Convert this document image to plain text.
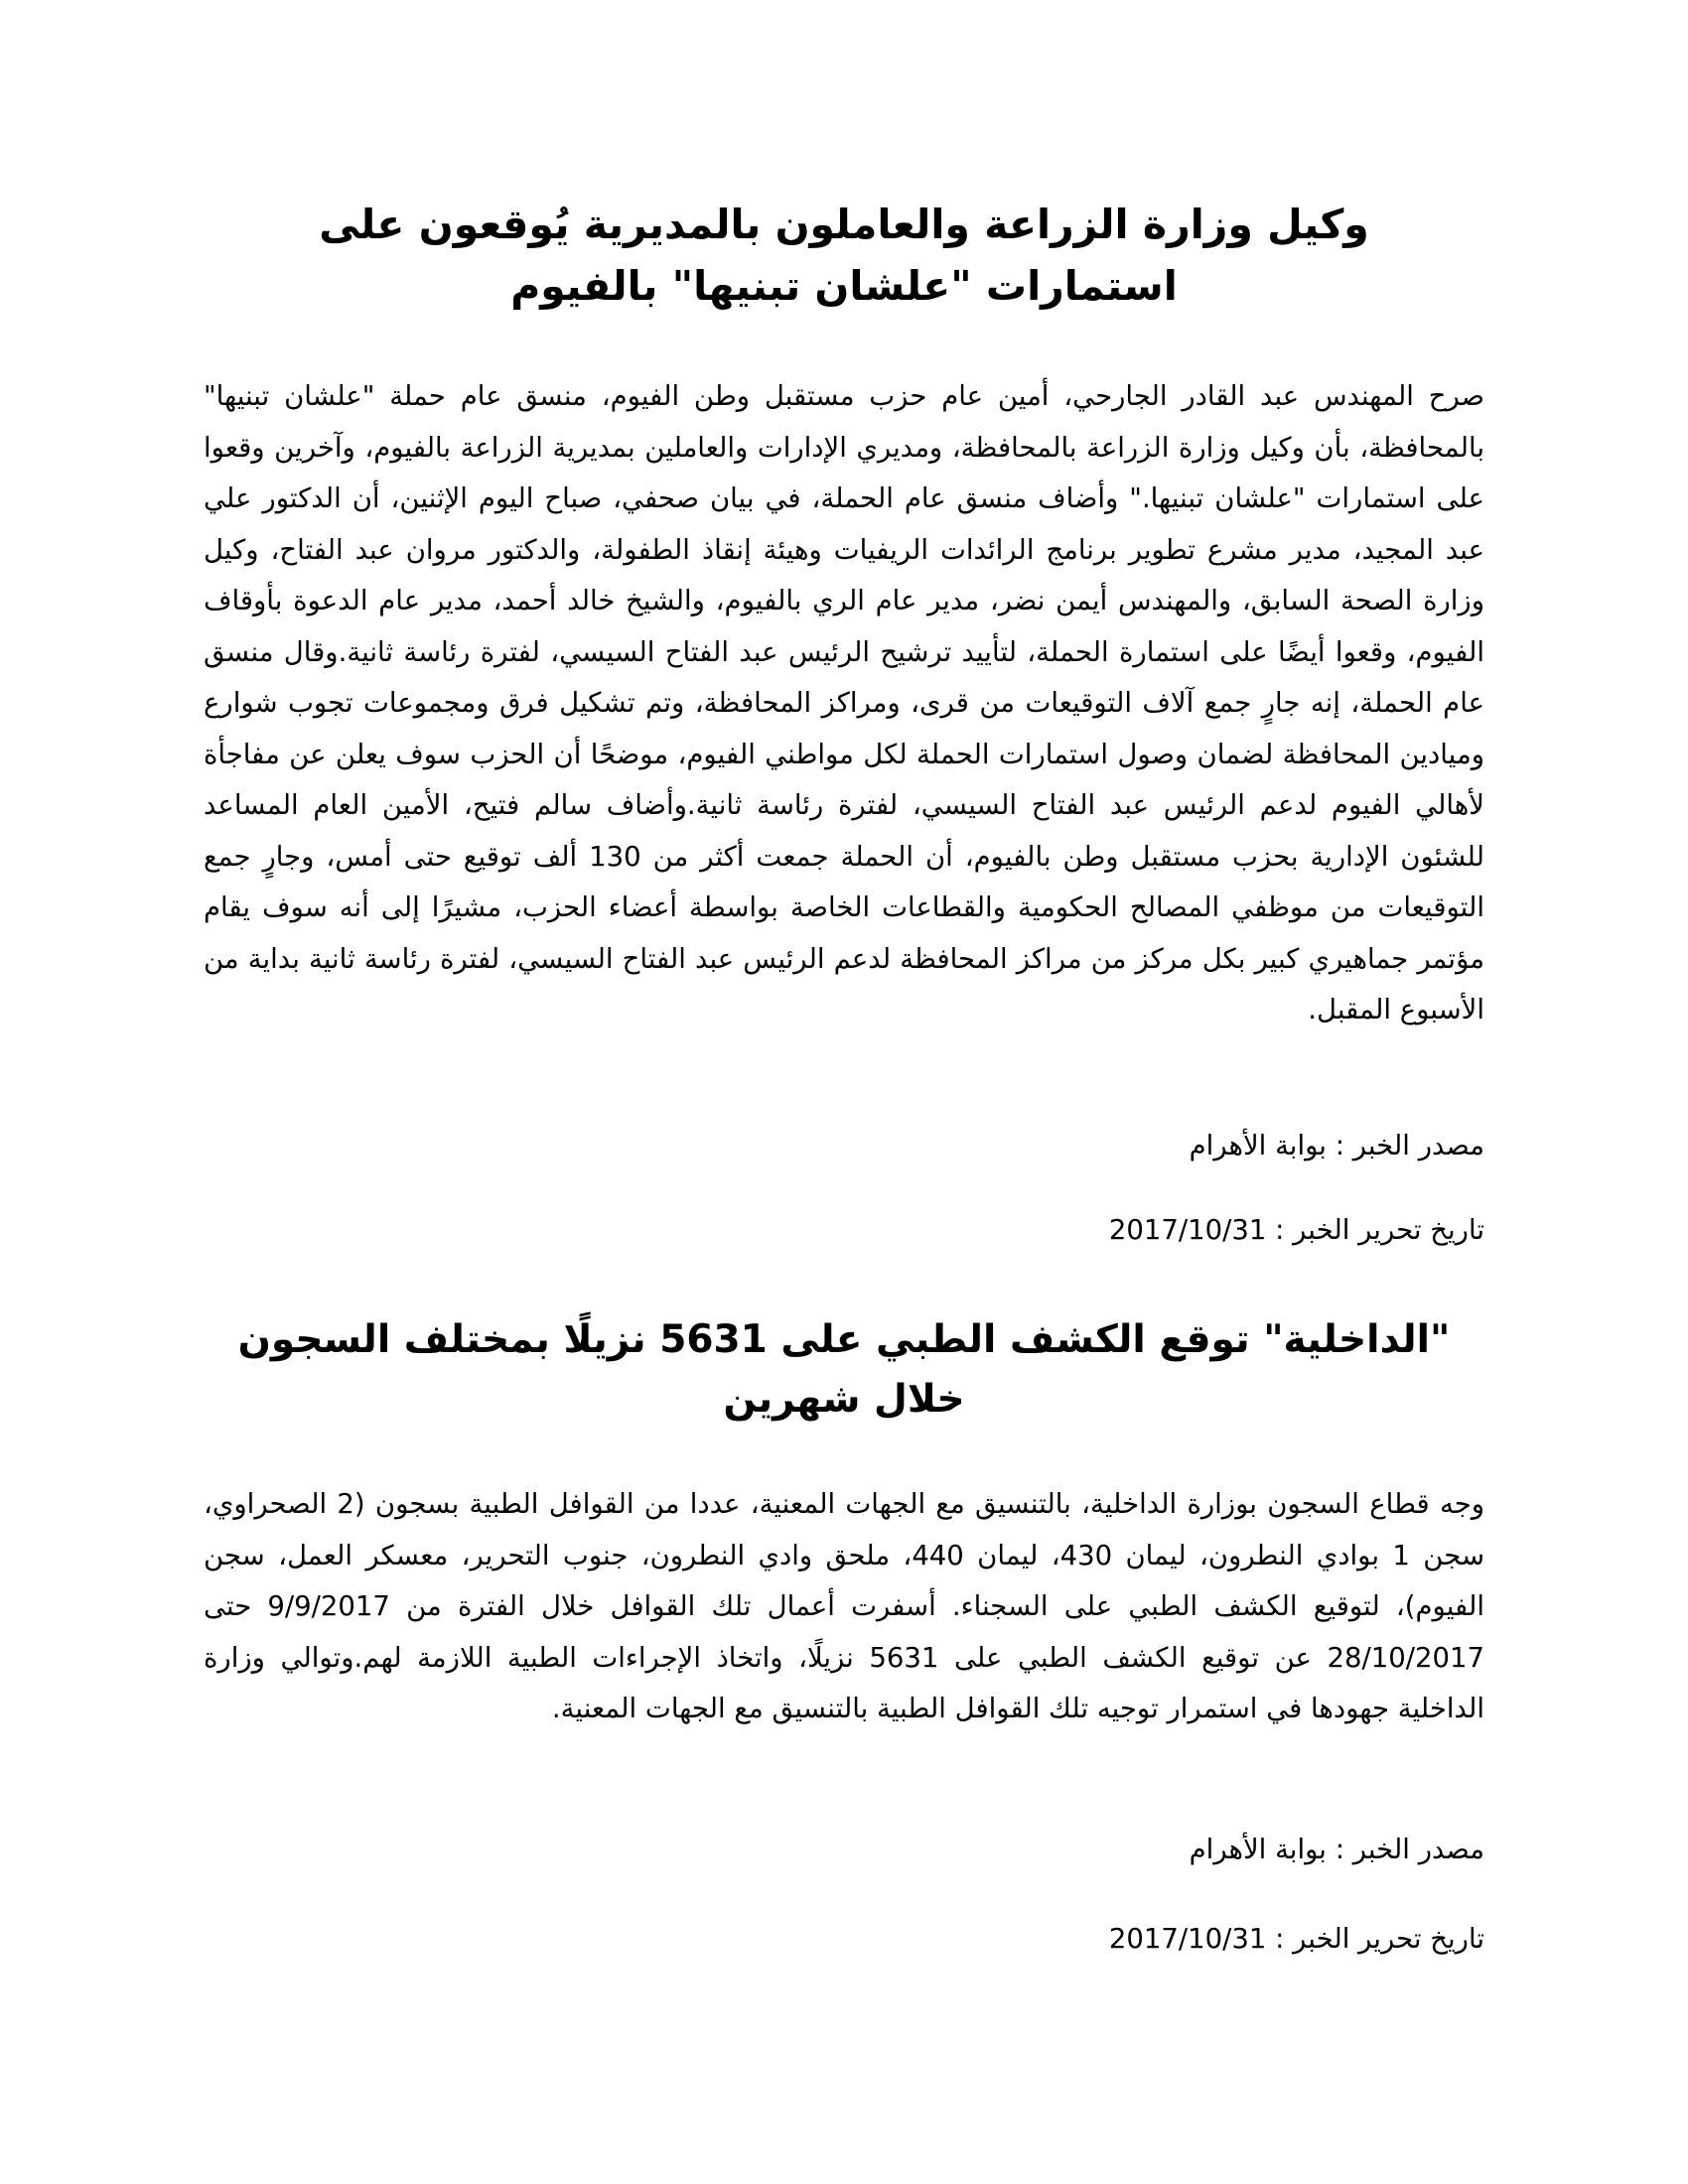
وكيل وزارة الزراعة والعاملون بالمديرية يُوقعون على استمارات "علشان تبنيها" بالفيوم

صرح المهندس عبد القادر الجارحي، أمين عام حزب مستقبل وطن الفيوم، منسق عام حملة "علشان تبنيها" بالمحافظة، بأن وكيل وزارة الزراعة بالمحافظة، ومديري الإدارات والعاملين بمديرية الزراعة بالفيوم، وآخرين وقعوا على استمارات "علشان تبنيها." وأضاف منسق عام الحملة، في بيان صحفي، صباح اليوم الإثنين، أن الدكتور علي عبد المجيد، مدير مشرع تطوير برنامج الرائدات الريفيات وهيئة إنقاذ الطفولة، والدكتور مروان عبد الفتاح، وكيل وزارة الصحة السابق، والمهندس أيمن نضر، مدير عام الري بالفيوم، والشيخ خالد أحمد، مدير عام الدعوة بأوقاف الفيوم، وقعوا أيضًا على استمارة الحملة، لتأييد ترشيح الرئيس عبد الفتاح السيسي، لفترة رئاسة ثانية.وقال منسق عام الحملة، إنه جارٍ جمع آلاف التوقيعات من قرى، ومراكز المحافظة، وتم تشكيل فرق ومجموعات تجوب شوارع وميادين المحافظة لضمان وصول استمارات الحملة لكل مواطني الفيوم، موضحًا أن الحزب سوف يعلن عن مفاجأة لأهالي الفيوم لدعم الرئيس عبد الفتاح السيسي، لفترة رئاسة ثانية.وأضاف سالم فتيح، الأمين العام المساعد للشئون الإدارية بحزب مستقبل وطن بالفيوم، أن الحملة جمعت أكثر من 130 ألف توقيع حتى أمس، وجارٍ جمع التوقيعات من موظفي المصالح الحكومية والقطاعات الخاصة بواسطة أعضاء الحزب، مشيرًا إلى أنه سوف يقام مؤتمر جماهيري كبير بكل مركز من مراكز المحافظة لدعم الرئيس عبد الفتاح السيسي، لفترة رئاسة ثانية بداية من الأسبوع المقبل.

مصدر الخبر : بوابة الأهرام

تاريخ تحرير الخبر : 2017/10/31

"الداخلية" توقع الكشف الطبي على 5631 نزيلًا بمختلف السجون خلال شهرين

وجه قطاع السجون بوزارة الداخلية، بالتنسيق مع الجهات المعنية، عددا من القوافل الطبية بسجون (2 الصحراوي، سجن 1 بوادي النطرون، ليمان 430، ليمان 440، ملحق وادي النطرون، جنوب التحرير، معسكر العمل، سجن الفيوم)، لتوقيع الكشف الطبي على السجناء. أسفرت أعمال تلك القوافل خلال الفترة من 9/9/2017 حتى 28/10/2017 عن توقيع الكشف الطبي على 5631 نزيلًا، واتخاذ الإجراءات الطبية اللازمة لهم.وتوالي وزارة الداخلية جهودها في استمرار توجيه تلك القوافل الطبية بالتنسيق مع الجهات المعنية.

مصدر الخبر : بوابة الأهرام

تاريخ تحرير الخبر : 2017/10/31
